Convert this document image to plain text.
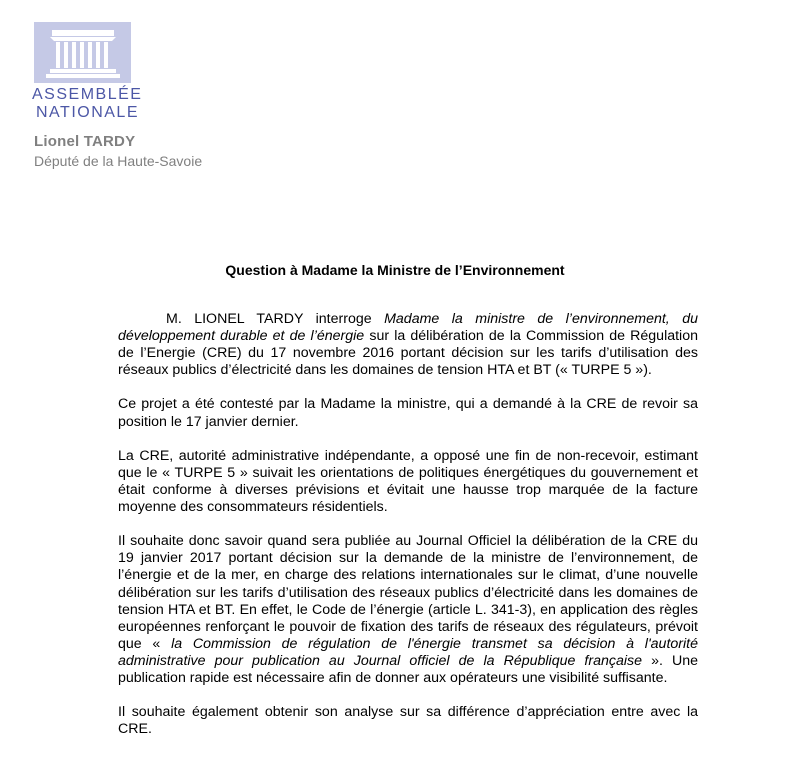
ASSEMBLÉE
NATIONALE
Lionel TARDY
Député de la Haute-Savoie
Question à Madame la Ministre de l’Environnement

M. LIONEL TARDY interroge Madame la ministre de l’environnement, du développement durable et de l’énergie sur la délibération de la Commission de Régulation de l’Energie (CRE) du 17 novembre 2016 portant décision sur les tarifs d’utilisation des réseaux publics d’électricité dans les domaines de tension HTA et BT (« TURPE 5 »).

Ce projet a été contesté par la Madame la ministre, qui a demandé à la CRE de revoir sa position le 17 janvier dernier.

La CRE, autorité administrative indépendante, a opposé une fin de non-recevoir, estimant que le « TURPE 5 » suivait les orientations de politiques énergétiques du gouvernement et était conforme à diverses prévisions et évitait une hausse trop marquée de la facture moyenne des consommateurs résidentiels.

Il souhaite donc savoir quand sera publiée au Journal Officiel la délibération de la CRE du 19 janvier 2017 portant décision sur la demande de la ministre de l’environnement, de l’énergie et de la mer, en charge des relations internationales sur le climat, d’une nouvelle délibération sur les tarifs d’utilisation des réseaux publics d’électricité dans les domaines de tension HTA et BT. En effet, le Code de l’énergie (article L. 341-3), en application des règles européennes renforçant le pouvoir de fixation des tarifs de réseaux des régulateurs, prévoit que « la Commission de régulation de l'énergie transmet sa décision à l'autorité administrative pour publication au Journal officiel de la République française ». Une publication rapide est nécessaire afin de donner aux opérateurs une visibilité suffisante.

Il souhaite également obtenir son analyse sur sa différence d’appréciation entre avec la CRE.
